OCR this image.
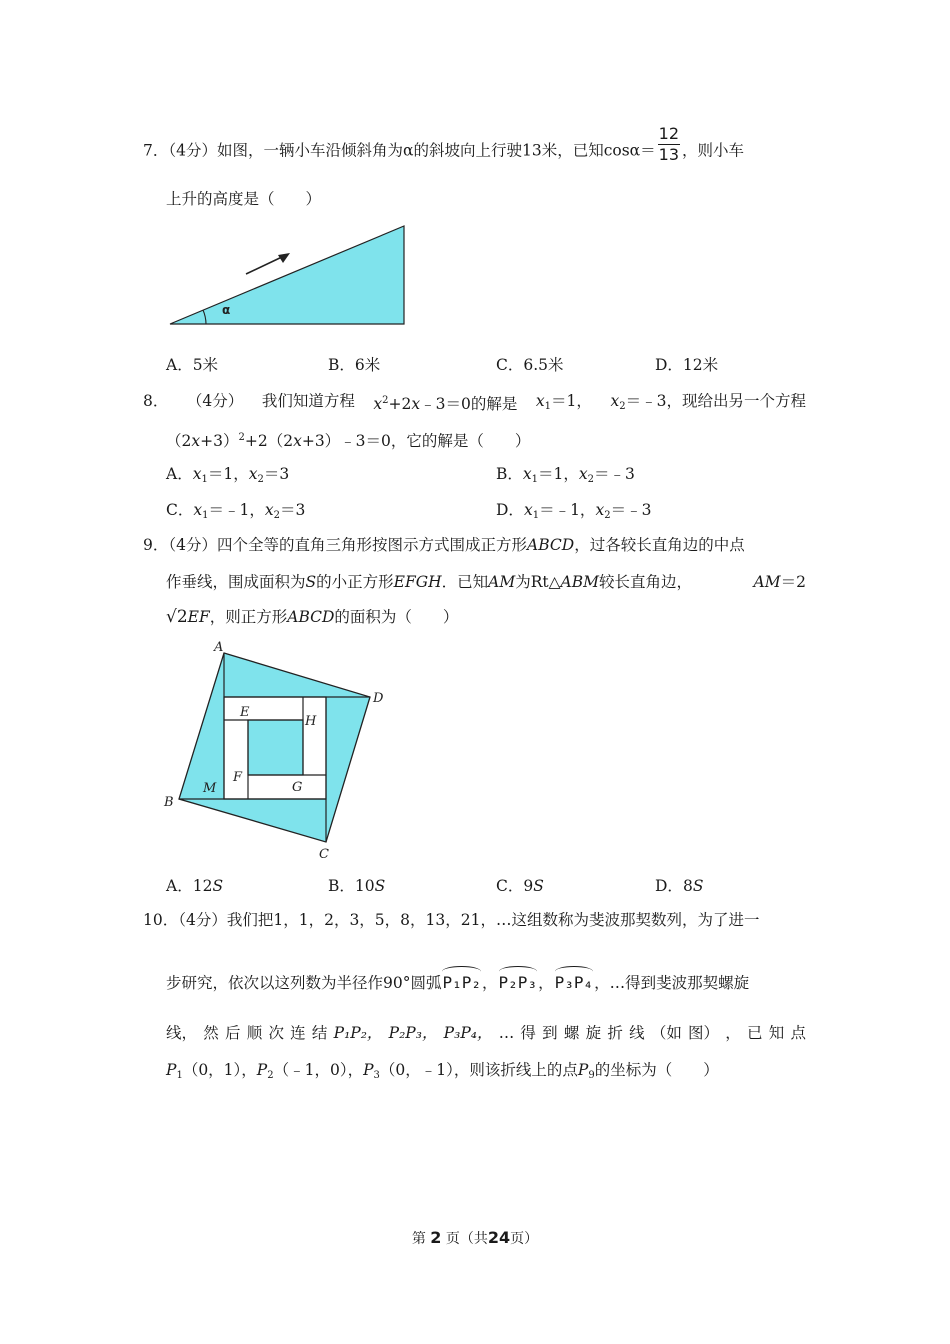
7．（4分）如图，一辆小车沿倾斜角为α的斜坡向上行驶13米，已知$\cos\alpha= \frac{12}{13}$ ，则小车
上升的高度是（　　）
α
A．5米	B．6米	C．6.5米	D．12米
8． （4分） 我们知道方程 $x^2+2x﹣3=0$的解是 $x_1=1$， $x_2=﹣3$，现给出另一个方程
$(2x+3)^2+2(2x+3)﹣3=0$，它的解是（　　）
A．$x_1=1$，$x_2=3$	B．$x_1=1$，$x_2=﹣3$
C．$x_1=﹣1$，$x_2=3$	D．$x_1=﹣1$，$x_2=﹣3$
9．（4分）四个全等的直角三角形按图示方式围成正方形ABCD，过各较长直角边的中点
作垂线，围成面积为S的小正方形EFGH．已知AM为Rt△ABM较长直角边，	AM＝2
√2EF，则正方形ABCD的面积为（　　）
A
B
C
D
E
F
G
H
M
A．12S	B．10S	C．9S	D．8S
10．（4分）我们把1，1，2，3，5，8，13，21，…这组数称为斐波那契数列，为了进一
步研究，依次以这列数为半径作90°圆弧P₁P₂，P₂P₃，P₃P₄，…得到斐波那契螺旋
线， 然 后 顺 次 连 结 P₁P₂， P₂P₃， P₃P₄， … 得 到 螺 旋 折 线 （如 图） ， 已 知 点
$P_1(0$，1），$P_2(﹣1$，0），$P_3(0$，﹣1），则该折线上的点$P_9$的坐标为（　　）
第 2 页（共24页）
